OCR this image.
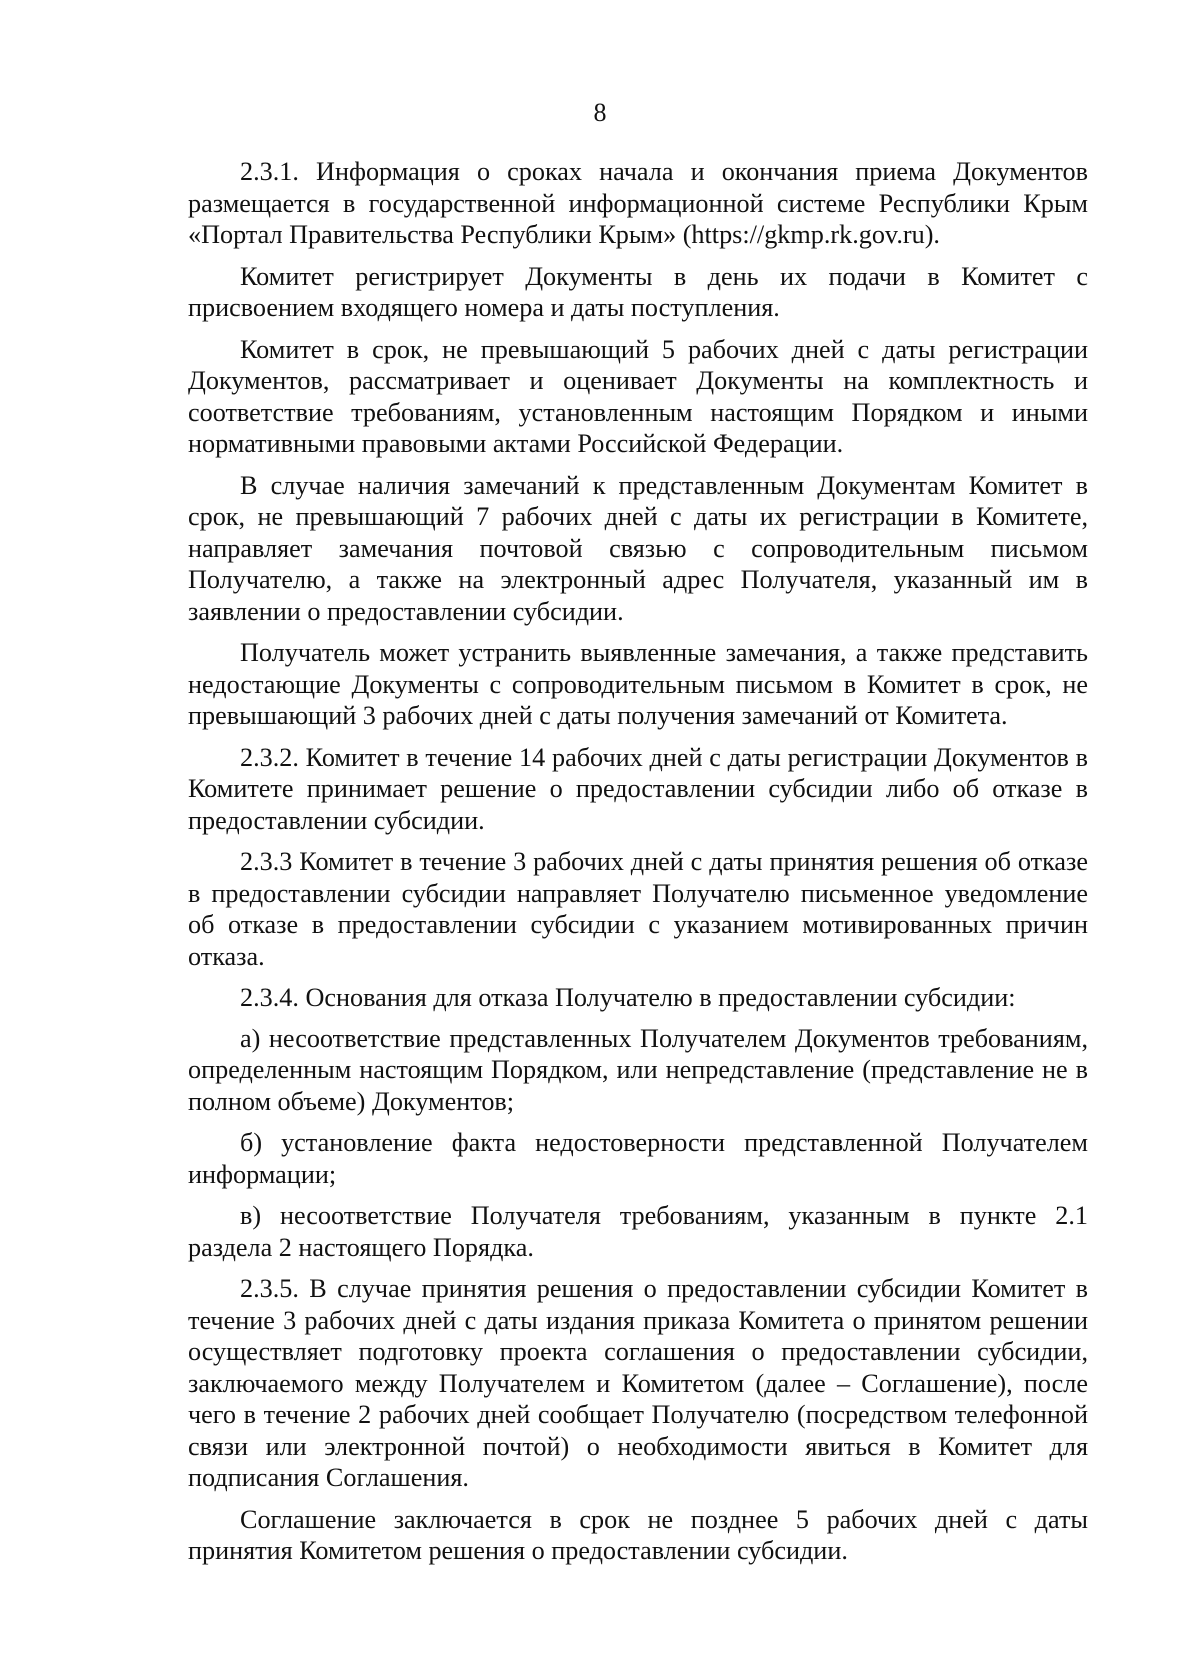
8

2.3.1. Информация о сроках начала и окончания приема Документов размещается в государственной информационной системе Республики Крым «Портал Правительства Республики Крым» (https://gkmp.rk.gov.ru).

Комитет регистрирует Документы в день их подачи в Комитет с присвоением входящего номера и даты поступления.

Комитет в срок, не превышающий 5 рабочих дней с даты регистрации Документов, рассматривает и оценивает Документы на комплектность и соответствие требованиям, установленным настоящим Порядком и иными нормативными правовыми актами Российской Федерации.

В случае наличия замечаний к представленным Документам Комитет в срок, не превышающий 7 рабочих дней с даты их регистрации в Комитете, направляет замечания почтовой связью с сопроводительным письмом Получателю, а также на электронный адрес Получателя, указанный им в заявлении о предоставлении субсидии.

Получатель может устранить выявленные замечания, а также представить недостающие Документы с сопроводительным письмом в Комитет в срок, не превышающий 3 рабочих дней с даты получения замечаний от Комитета.

2.3.2. Комитет в течение 14 рабочих дней с даты регистрации Документов в Комитете принимает решение о предоставлении субсидии либо об отказе в предоставлении субсидии.

2.3.3 Комитет в течение 3 рабочих дней с даты принятия решения об отказе в предоставлении субсидии направляет Получателю письменное уведомление об отказе в предоставлении субсидии с указанием мотивированных причин отказа.

2.3.4. Основания для отказа Получателю в предоставлении субсидии:

а) несоответствие представленных Получателем Документов требованиям, определенным настоящим Порядком, или непредставление (представление не в полном объеме) Документов;

б) установление факта недостоверности представленной Получателем информации;

в) несоответствие Получателя требованиям, указанным в пункте 2.1 раздела 2 настоящего Порядка.

2.3.5. В случае принятия решения о предоставлении субсидии Комитет в течение 3 рабочих дней с даты издания приказа Комитета о принятом решении осуществляет подготовку проекта соглашения о предоставлении субсидии, заключаемого между Получателем и Комитетом (далее – Соглашение), после чего в течение 2 рабочих дней сообщает Получателю (посредством телефонной связи или электронной почтой) о необходимости явиться в Комитет для подписания Соглашения.

Соглашение заключается в срок не позднее 5 рабочих дней с даты принятия Комитетом решения о предоставлении субсидии.
